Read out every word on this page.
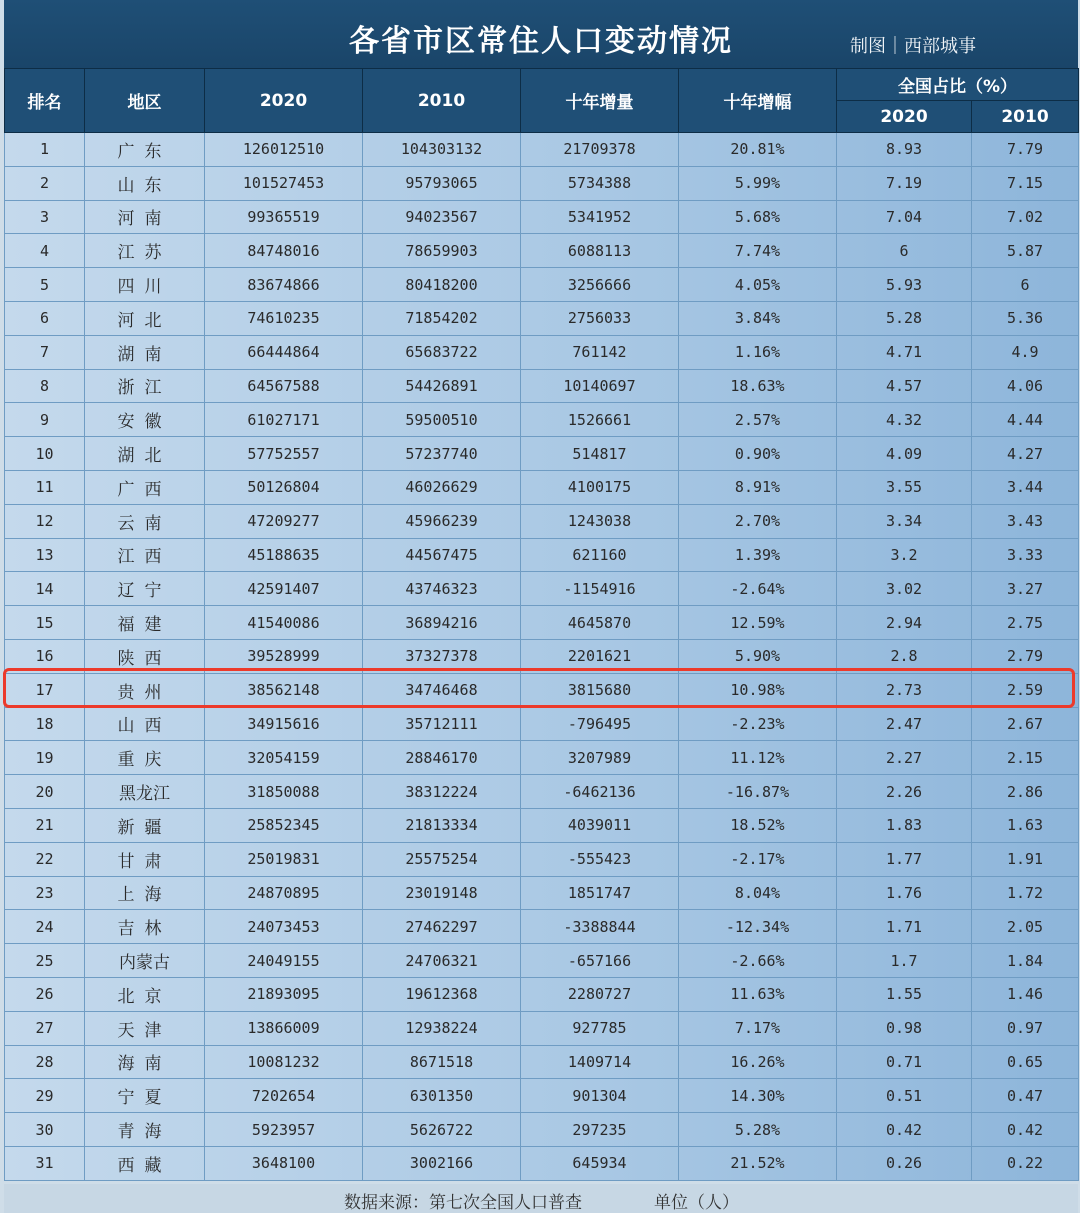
各省市区常住人口变动情况	制图｜西部城事
排名	地区	2020	2010	十年增量	十年增幅	全国占比（%）	
						2020	2010
1	广东	126012510	104303132	21709378	20.81%	8.93	7.79
2	山东	101527453	95793065	5734388	5.99%	7.19	7.15
3	河南	99365519	94023567	5341952	5.68%	7.04	7.02
4	江苏	84748016	78659903	6088113	7.74%	6	5.87
5	四川	83674866	80418200	3256666	4.05%	5.93	6
6	河北	74610235	71854202	2756033	3.84%	5.28	5.36
7	湖南	66444864	65683722	761142	1.16%	4.71	4.9
8	浙江	64567588	54426891	10140697	18.63%	4.57	4.06
9	安徽	61027171	59500510	1526661	2.57%	4.32	4.44
10	湖北	57752557	57237740	514817	0.90%	4.09	4.27
11	广西	50126804	46026629	4100175	8.91%	3.55	3.44
12	云南	47209277	45966239	1243038	2.70%	3.34	3.43
13	江西	45188635	44567475	621160	1.39%	3.2	3.33
14	辽宁	42591407	43746323	-1154916	-2.64%	3.02	3.27
15	福建	41540086	36894216	4645870	12.59%	2.94	2.75
16	陕西	39528999	37327378	2201621	5.90%	2.8	2.79
17	贵州	38562148	34746468	3815680	10.98%	2.73	2.59
18	山西	34915616	35712111	-796495	-2.23%	2.47	2.67
19	重庆	32054159	28846170	3207989	11.12%	2.27	2.15
20	黑龙江	31850088	38312224	-6462136	-16.87%	2.26	2.86
21	新疆	25852345	21813334	4039011	18.52%	1.83	1.63
22	甘肃	25019831	25575254	-555423	-2.17%	1.77	1.91
23	上海	24870895	23019148	1851747	8.04%	1.76	1.72
24	吉林	24073453	27462297	-3388844	-12.34%	1.71	2.05
25	内蒙古	24049155	24706321	-657166	-2.66%	1.7	1.84
26	北京	21893095	19612368	2280727	11.63%	1.55	1.46
27	天津	13866009	12938224	927785	7.17%	0.98	0.97
28	海南	10081232	8671518	1409714	16.26%	0.71	0.65
29	宁夏	7202654	6301350	901304	14.30%	0.51	0.47
30	青海	5923957	5626722	297235	5.28%	0.42	0.42
31	西藏	3648100	3002166	645934	21.52%	0.26	0.22
数据来源：第七次全国人口普查	单位（人）
